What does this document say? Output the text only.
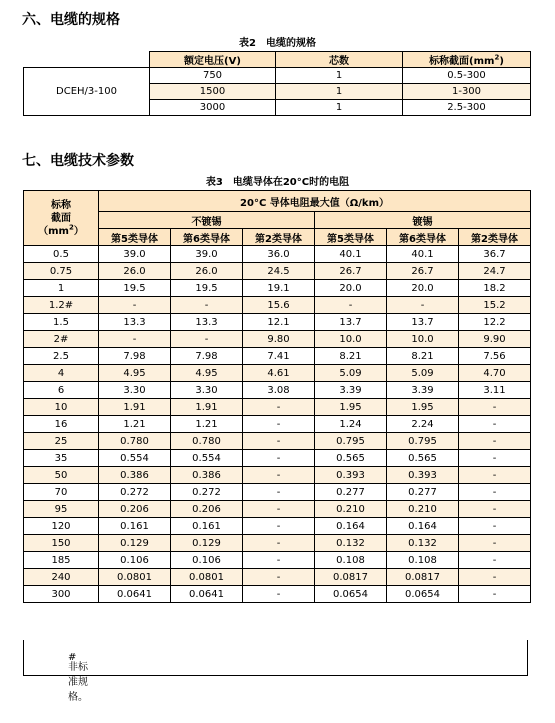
六、电缆的规格
表2　电缆的规格
	额定电压(V)	芯数	标称截面$(mm^2)$
DCEH/3-100	750	1	0.5-300
	1500	1	1-300
	3000	1	2.5-300
七、电缆技术参数
表3　电缆导体在20°C时的电阻
标称
截面
$(mm^2)$	20°C 导体电阻最大值（Ω/km）					
	不镀锡			镀锡		
	第5类导体	第6类导体	第2类导体	第5类导体	第6类导体	第2类导体
0.5	39.0	39.0	36.0	40.1	40.1	36.7
0.75	26.0	26.0	24.5	26.7	26.7	24.7
1	19.5	19.5	19.1	20.0	20.0	18.2
1.2#	-	-	15.6	-	-	15.2
1.5	13.3	13.3	12.1	13.7	13.7	12.2
2#	-	-	9.80	10.0	10.0	9.90
2.5	7.98	7.98	7.41	8.21	8.21	7.56
4	4.95	4.95	4.61	5.09	5.09	4.70
6	3.30	3.30	3.08	3.39	3.39	3.11
10	1.91	1.91	-	1.95	1.95	-
16	1.21	1.21	-	1.24	2.24	-
25	0.780	0.780	-	0.795	0.795	-
35	0.554	0.554	-	0.565	0.565	-
50	0.386	0.386	-	0.393	0.393	-
70	0.272	0.272	-	0.277	0.277	-
95	0.206	0.206	-	0.210	0.210	-
120	0.161	0.161	-	0.164	0.164	-
150	0.129	0.129	-	0.132	0.132	-
185	0.106	0.106	-	0.108	0.108	-
240	0.0801	0.0801	-	0.0817	0.0817	-
300	0.0641	0.0641	-	0.0654	0.0654	-
#
非标准规格。
